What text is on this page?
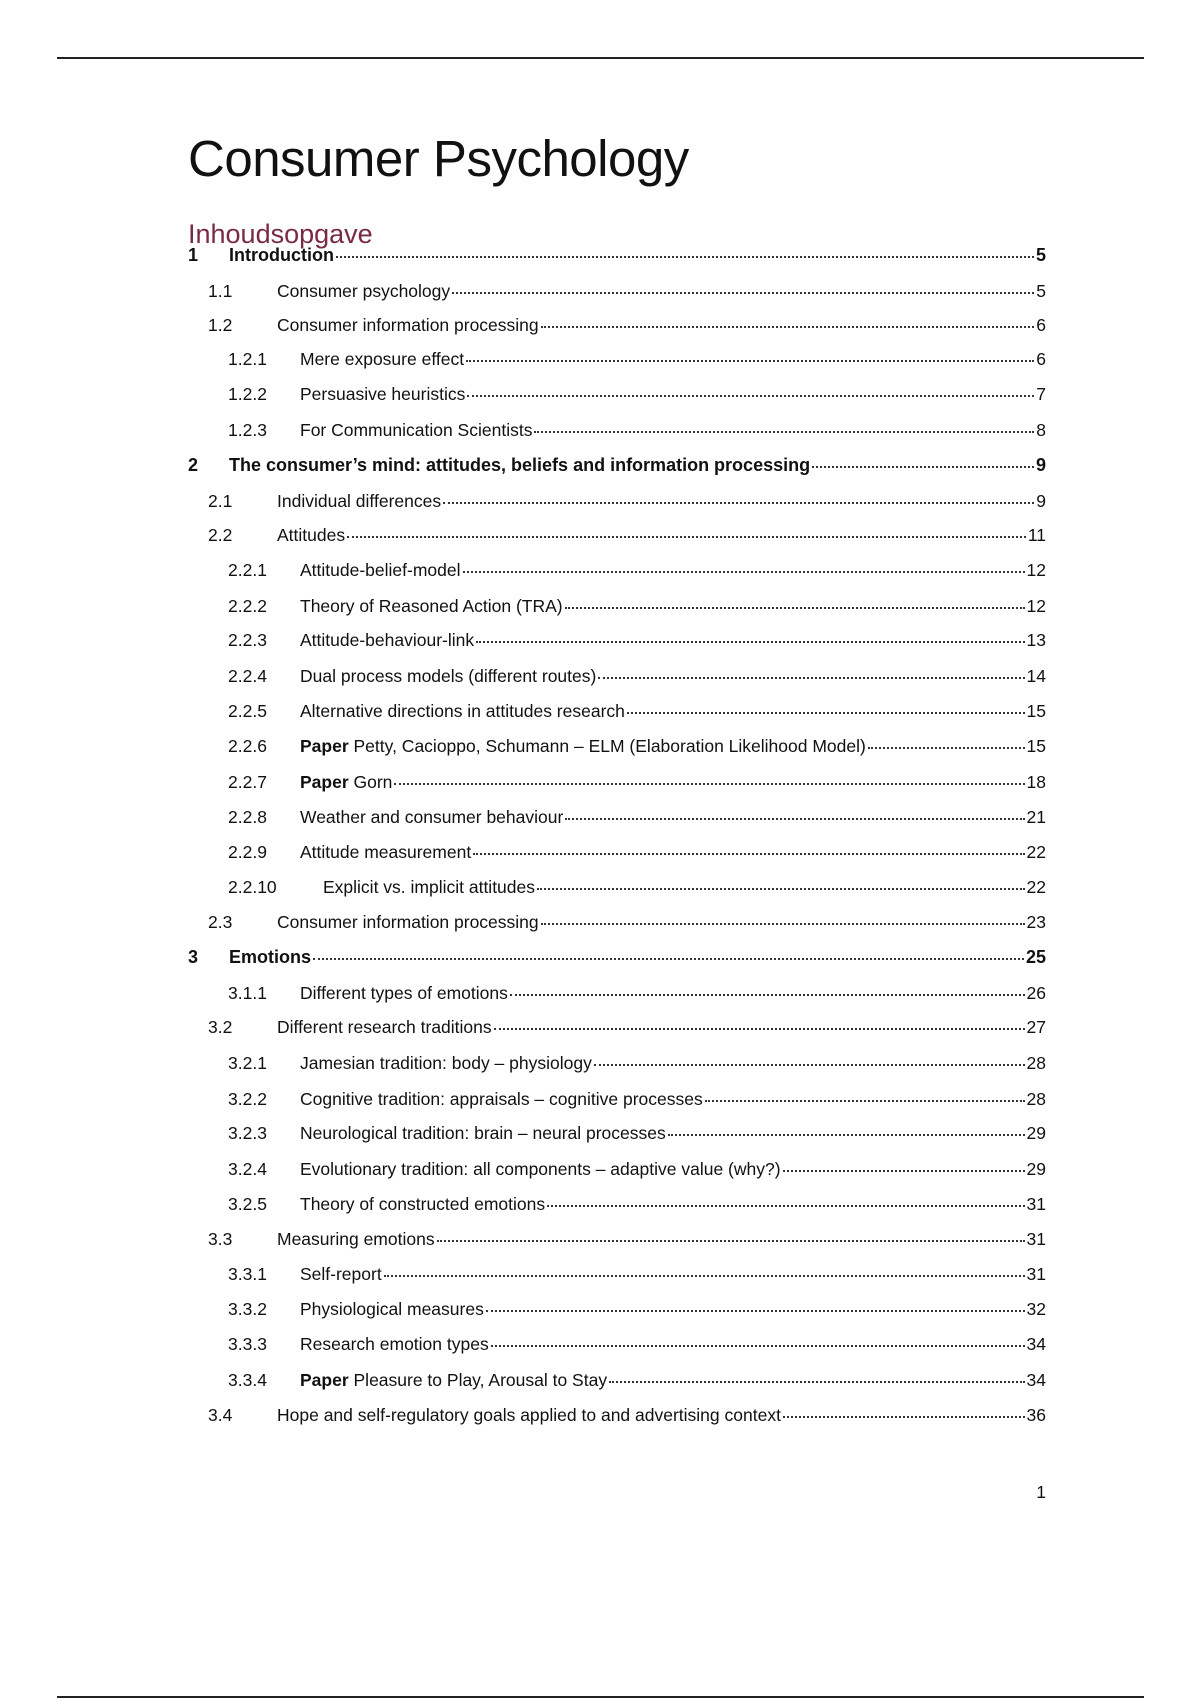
Consumer Psychology
Inhoudsopgave
1 Introduction	5
1.1	Consumer psychology	5
1.2	Consumer information processing	6
1.2.1 Mere exposure effect	6
1.2.2 Persuasive heuristics	7
1.2.3 For Communication Scientists	8
2 The consumer’s mind: attitudes, beliefs and information processing	9
2.1	Individual differences	9
2.2	Attitudes	11
2.2.1 Attitude-belief-model	12
2.2.2 Theory of Reasoned Action (TRA)	12
2.2.3 Attitude-behaviour-link	13
2.2.4 Dual process models (different routes)	14
2.2.5 Alternative directions in attitudes research	15
2.2.6 Paper Petty, Cacioppo, Schumann – ELM (Elaboration Likelihood Model)	15
2.2.7 Paper Gorn	18
2.2.8 Weather and consumer behaviour	21
2.2.9 Attitude measurement	22
2.2.10	Explicit vs. implicit attitudes	22
2.3	Consumer information processing	23
3 Emotions	25
3.1.1 Different types of emotions	26
3.2	Different research traditions	27
3.2.1 Jamesian tradition: body – physiology	28
3.2.2 Cognitive tradition: appraisals – cognitive processes	28
3.2.3 Neurological tradition: brain – neural processes	29
3.2.4 Evolutionary tradition: all components – adaptive value (why?)	29
3.2.5 Theory of constructed emotions	31
3.3	Measuring emotions	31
3.3.1 Self-report	31
3.3.2 Physiological measures	32
3.3.3 Research emotion types	34
3.3.4 Paper Pleasure to Play, Arousal to Stay	34
3.4	Hope and self-regulatory goals applied to and advertising context	36
1
